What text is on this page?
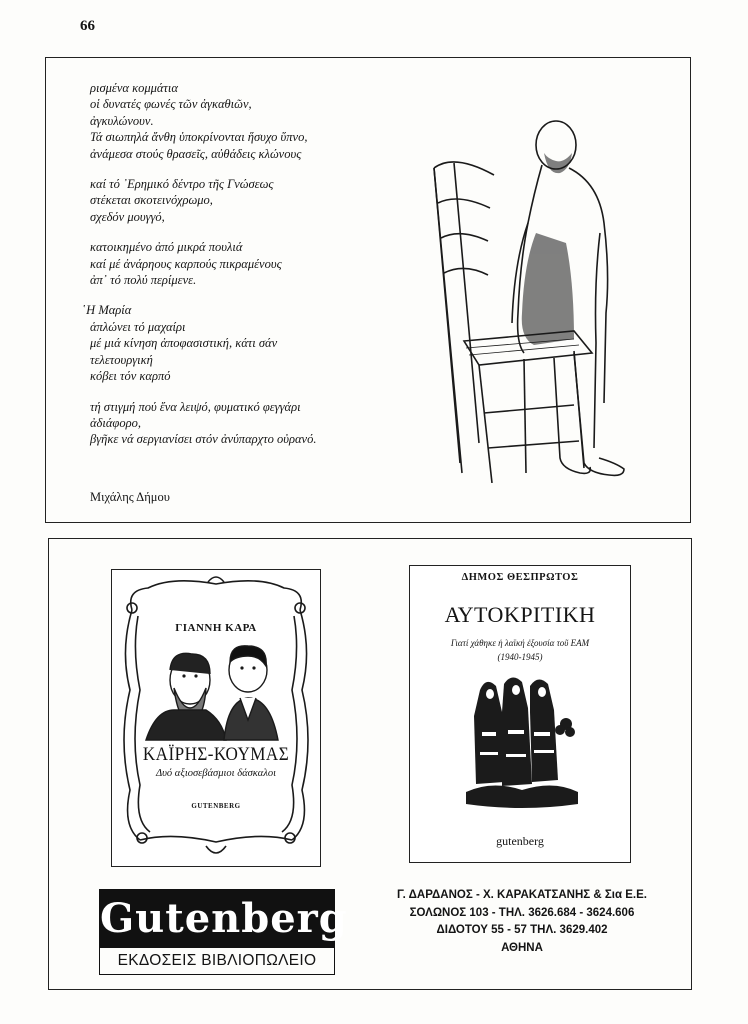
66
ρισμένα κομμάτια
οἱ δυνατές φωνές τῶν ἀγκαθιῶν,
ἀγκυλώνουν.
Τά σιωπηλά ἄνθη ὑποκρίνονται ἥσυχο ὕπνο,
ἀνάμεσα στούς θρασεῖς, αὐθάδεις κλώνους
καί τό ᾿Ερημικό δέντρο τῆς Γνώσεως
στέκεται σκοτεινόχρωμο,
σχεδόν μουγγό,
κατοικημένο ἀπό μικρά πουλιά
καί μέ ἀνάρηους καρπούς πικραμένους
ἀπ᾿ τό πολύ περίμενε.
῾Η Μαρία
ἁπλώνει τό μαχαίρι
μέ μιά κίνηση ἀποφασιστική, κάτι σάν
τελετουργική
κόβει τόν καρπό
τή στιγμή πού ἕνα λειψό, φυματικό φεγγάρι
ἀδιάφορο,
βγῆκε νά σεργιανίσει στόν ἀνύπαρχτο οὐρανό.
Μιχάλης Δήμου
ΓΙΑΝΝΗ ΚΑΡΑ
ΚΑΪΡΗΣ-ΚΟΥΜΑΣ
Δυό αξιοσεβάσμιοι δάσκαλοι
GUTENBERG
ΔΗΜΟΣ ΘΕΣΠΡΩΤΟΣ
ΑΥΤΟΚΡΙΤΙΚΗ
Γιατί χάθηκε ἡ λαϊκή ἐξουσία τοῦ ΕΑΜ
(1940-1945)
gutenberg
Gutenberg
ΕΚΔΟΣΕΙΣ ΒΙΒΛΙΟΠΩΛΕΙΟ
Γ. ΔΑΡΔΑΝΟΣ - Χ. ΚΑΡΑΚΑΤΣΑΝΗΣ & Σια Ε.Ε.
ΣΟΛΩΝΟΣ 103 - ΤΗΛ. 3626.684 - 3624.606
ΔΙΔΟΤΟΥ 55 - 57 ΤΗΛ. 3629.402
ΑΘΗΝΑ
